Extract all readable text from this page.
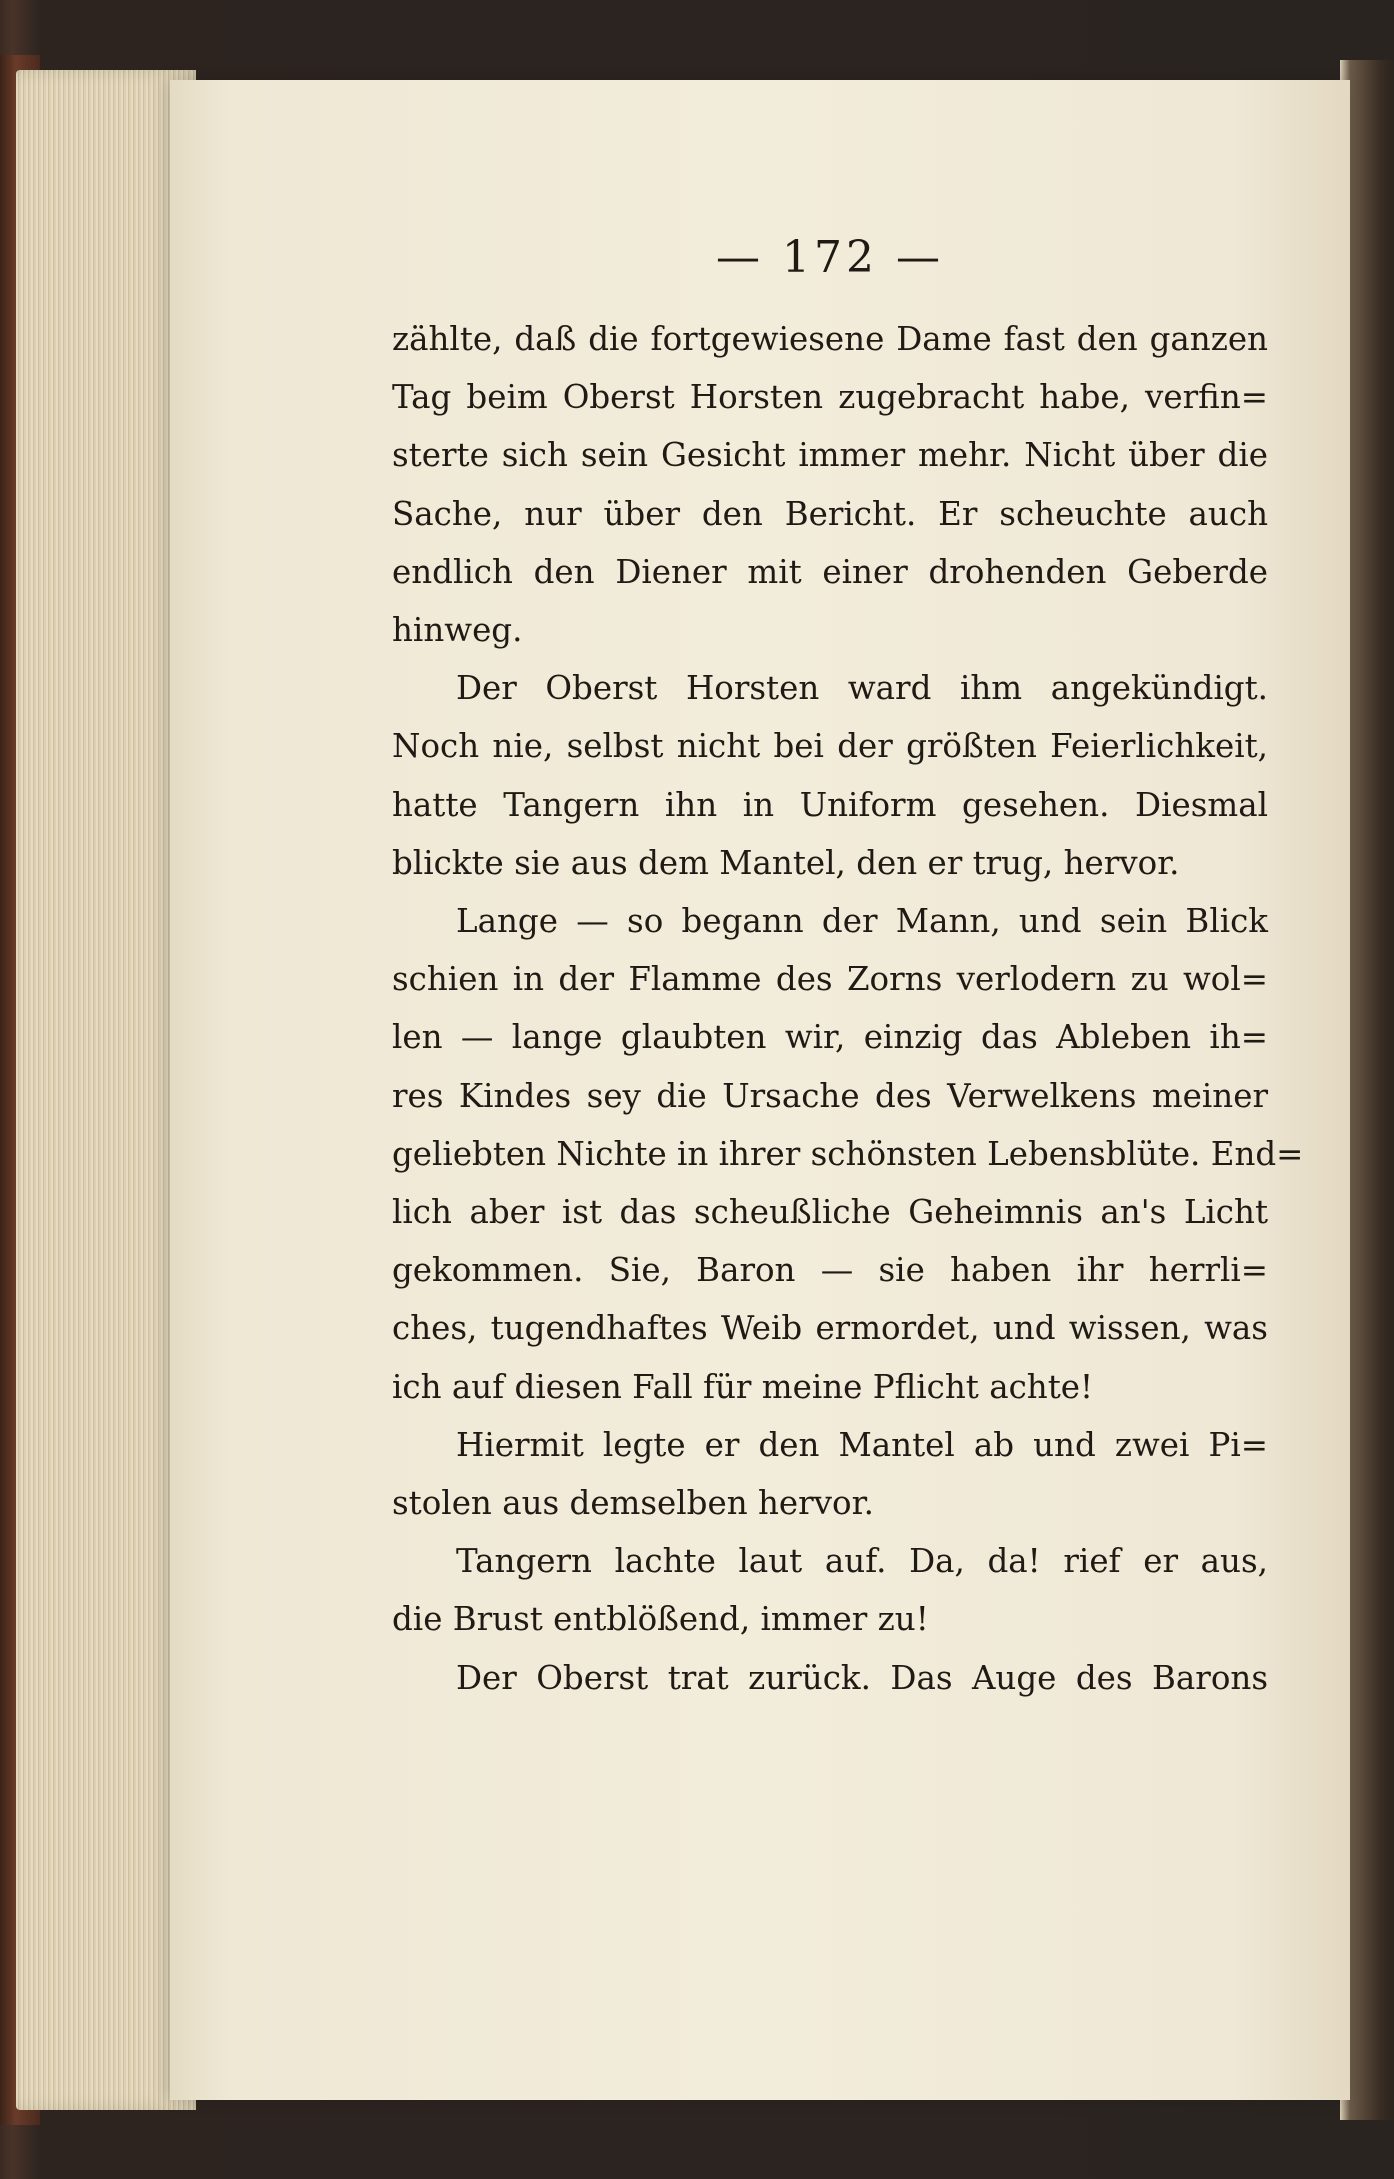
— 172 —

zählte, daß die fortgewiesene Dame fast den ganzen
Tag beim Oberst Horsten zugebracht habe, verfin=
sterte sich sein Gesicht immer mehr. Nicht über die
Sache, nur über den Bericht. Er scheuchte auch
endlich den Diener mit einer drohenden Geberde
hinweg.

Der Oberst Horsten ward ihm angekündigt.
Noch nie, selbst nicht bei der größten Feierlichkeit,
hatte Tangern ihn in Uniform gesehen. Diesmal
blickte sie aus dem Mantel, den er trug, hervor.

Lange — so begann der Mann, und sein Blick
schien in der Flamme des Zorns verlodern zu wol=
len — lange glaubten wir, einzig das Ableben ih=
res Kindes sey die Ursache des Verwelkens meiner
geliebten Nichte in ihrer schönsten Lebensblüte. End=
lich aber ist das scheußliche Geheimnis an's Licht
gekommen. Sie, Baron — sie haben ihr herrli=
ches, tugendhaftes Weib ermordet, und wissen, was
ich auf diesen Fall für meine Pflicht achte!

Hiermit legte er den Mantel ab und zwei Pi=
stolen aus demselben hervor.

Tangern lachte laut auf. Da, da! rief er aus,
die Brust entblößend, immer zu!

Der Oberst trat zurück. Das Auge des Barons
